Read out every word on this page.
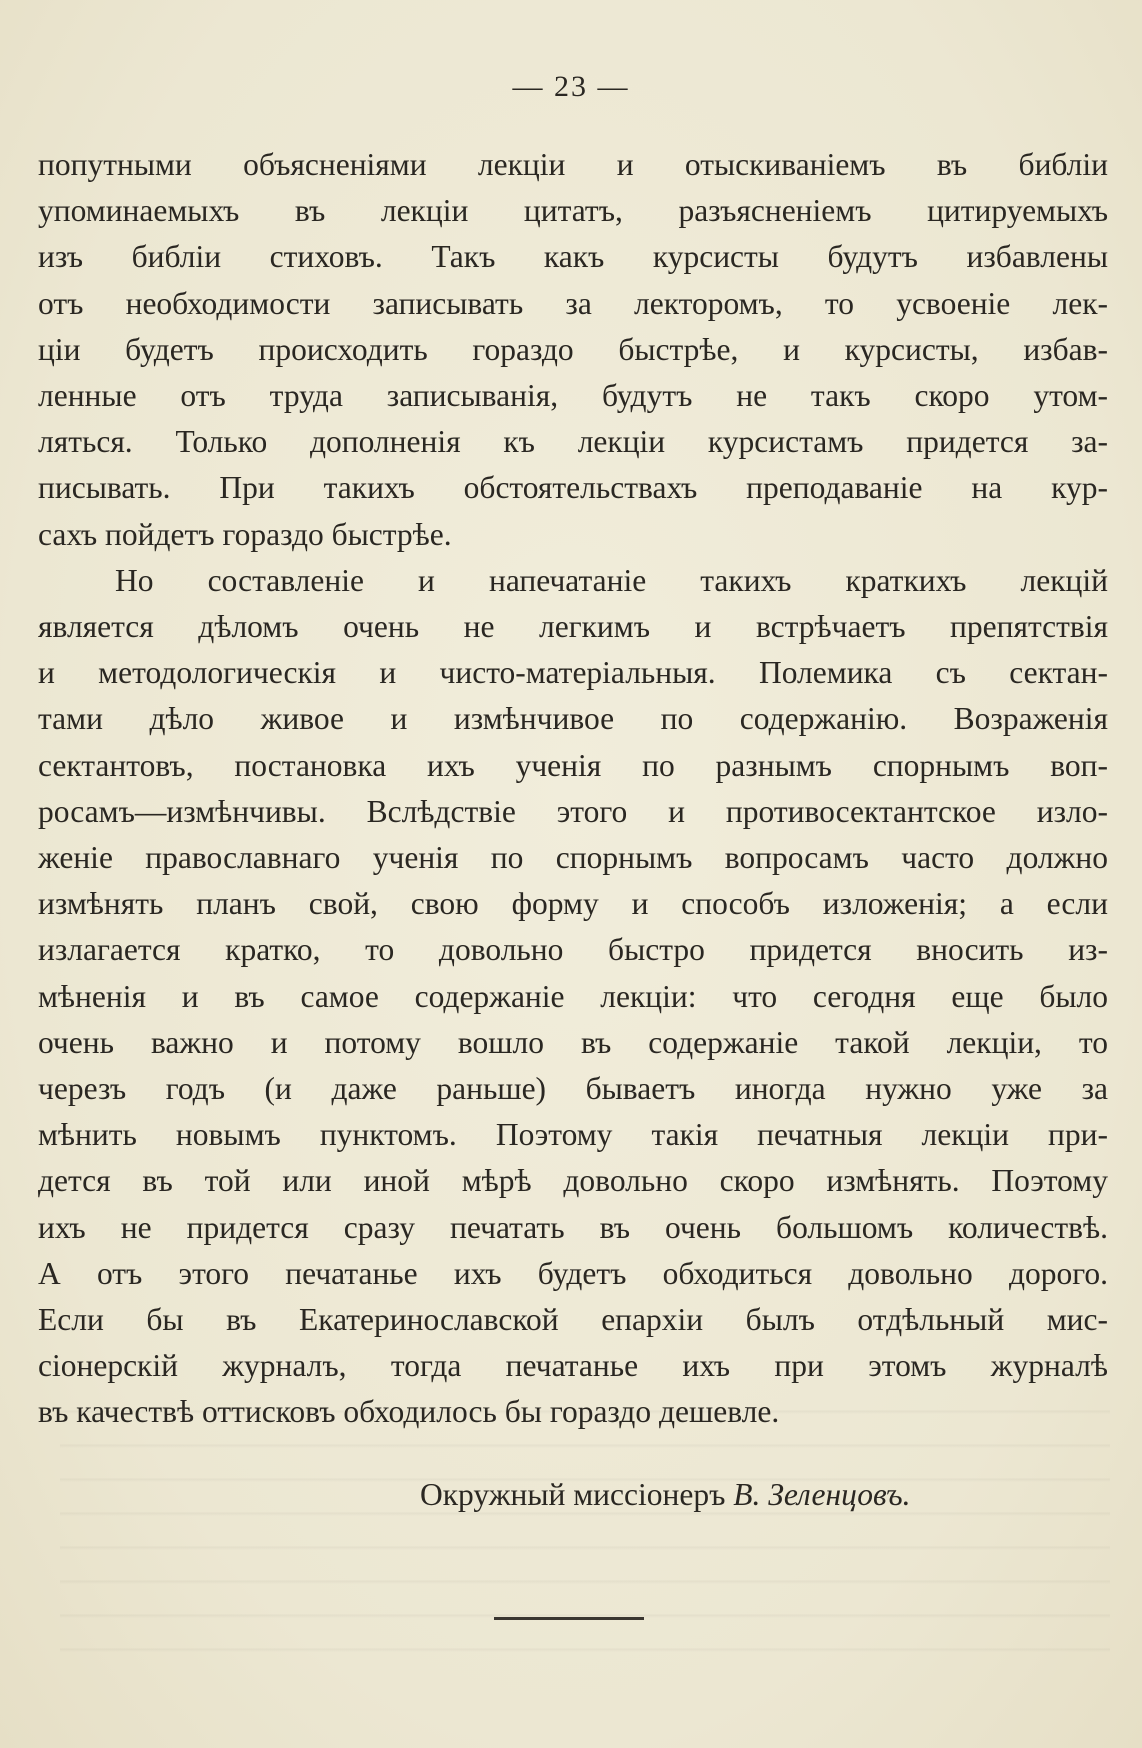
— 23 —

попутными объясненіями лекціи и отыскиваніемъ въ библіи
упоминаемыхъ въ лекціи цитатъ, разъясненіемъ цитируемыхъ
изъ библіи стиховъ. Такъ какъ курсисты будутъ избавлены
отъ необходимости записывать за лекторомъ, то усвоеніе лек-
ціи будетъ происходить гораздо быстрѣе, и курсисты, избав-
ленные отъ труда записыванія, будутъ не такъ скоро утом-
ляться. Только дополненія къ лекціи курсистамъ придется за-
писывать. При такихъ обстоятельствахъ преподаваніе на кур-
сахъ пойдетъ гораздо быстрѣе.

Но составленіе и напечатаніе такихъ краткихъ лекцій
является дѣломъ очень не легкимъ и встрѣчаетъ препятствія
и методологическія и чисто-матеріальныя. Полемика съ сектан-
тами дѣло живое и измѣнчивое по содержанію. Возраженія
сектантовъ, постановка ихъ ученія по разнымъ спорнымъ воп-
росамъ—измѣнчивы. Вслѣдствіе этого и противосектантское изло-
женіе православнаго ученія по спорнымъ вопросамъ часто должно
измѣнять планъ свой, свою форму и способъ изложенія; а если
излагается кратко, то довольно быстро придется вносить из-
мѣненія и въ самое содержаніе лекціи: что сегодня еще было
очень важно и потому вошло въ содержаніе такой лекціи, то
черезъ годъ (и даже раньше) бываетъ иногда нужно уже за
мѣнить новымъ пунктомъ. Поэтому такія печатныя лекціи при-
дется въ той или иной мѣрѣ довольно скоро измѣнять. Поэтому
ихъ не придется сразу печатать въ очень большомъ количествѣ.
А отъ этого печатанье ихъ будетъ обходиться довольно дорого.
Если бы въ Екатеринославской епархіи былъ отдѣльный мис-
сіонерскій журналъ, тогда печатанье ихъ при этомъ журналѣ
въ качествѣ оттисковъ обходилось бы гораздо дешевле.

Окружный миссіонеръ В. Зеленцовъ.
